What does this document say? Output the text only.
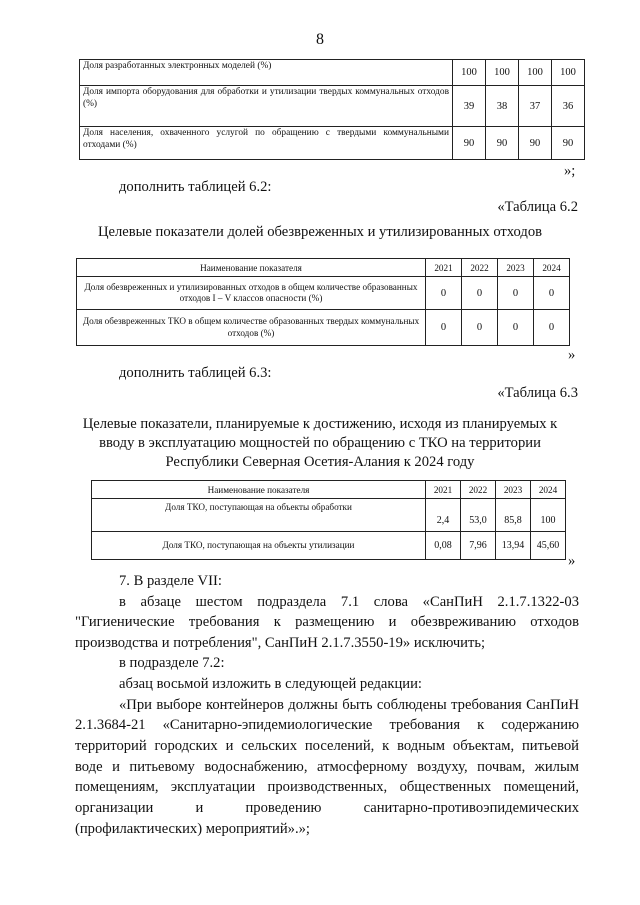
8
Доля разработанных электронных моделей (%)	100	100	100	100
Доля импорта оборудования для обработки и утилизации твердых коммунальных отходов (%)	39	38	37	36
Доля населения, охваченного услугой по обращению с твердыми коммунальными отходами (%)	90	90	90	90
»;
дополнить таблицей 6.2:
«Таблица 6.2
Целевые показатели долей обезвреженных и утилизированных отходов
Наименование показателя	2021	2022	2023	2024
Доля обезвреженных и утилизированных отходов в общем количестве образованных отходов I – V классов опасности (%)	0	0	0	0
Доля обезвреженных ТКО в общем количестве образованных твердых коммунальных отходов (%)	0	0	0	0
»
дополнить таблицей 6.3:
«Таблица 6.3
Целевые показатели, планируемые к достижению, исходя из планируемых к
вводу в эксплуатацию мощностей по обращению с ТКО на территории
Республики Северная Осетия-Алания к 2024 году
Наименование показателя	2021	2022	2023	2024
Доля ТКО, поступающая на объекты обработки	2,4	53,0	85,8	100
Доля ТКО, поступающая на объекты утилизации	0,08	7,96	13,94	45,60
»
7. В разделе VII:
в абзаце шестом подраздела 7.1 слова «СанПиН 2.1.7.1322-03
"Гигиенические требования к размещению и обезвреживанию отходов
производства и потребления", СанПиН 2.1.7.3550-19» исключить;
в подразделе 7.2:
абзац восьмой изложить в следующей редакции:
«При выборе контейнеров должны быть соблюдены требования СанПиН
2.1.3684-21 «Санитарно-эпидемиологические требования к содержанию
территорий городских и сельских поселений, к водным объектам, питьевой
воде и питьевому водоснабжению, атмосферному воздуху, почвам, жилым
помещениям, эксплуатации производственных, общественных помещений,
организации и проведению санитарно-противоэпидемических
(профилактических) мероприятий».»;
